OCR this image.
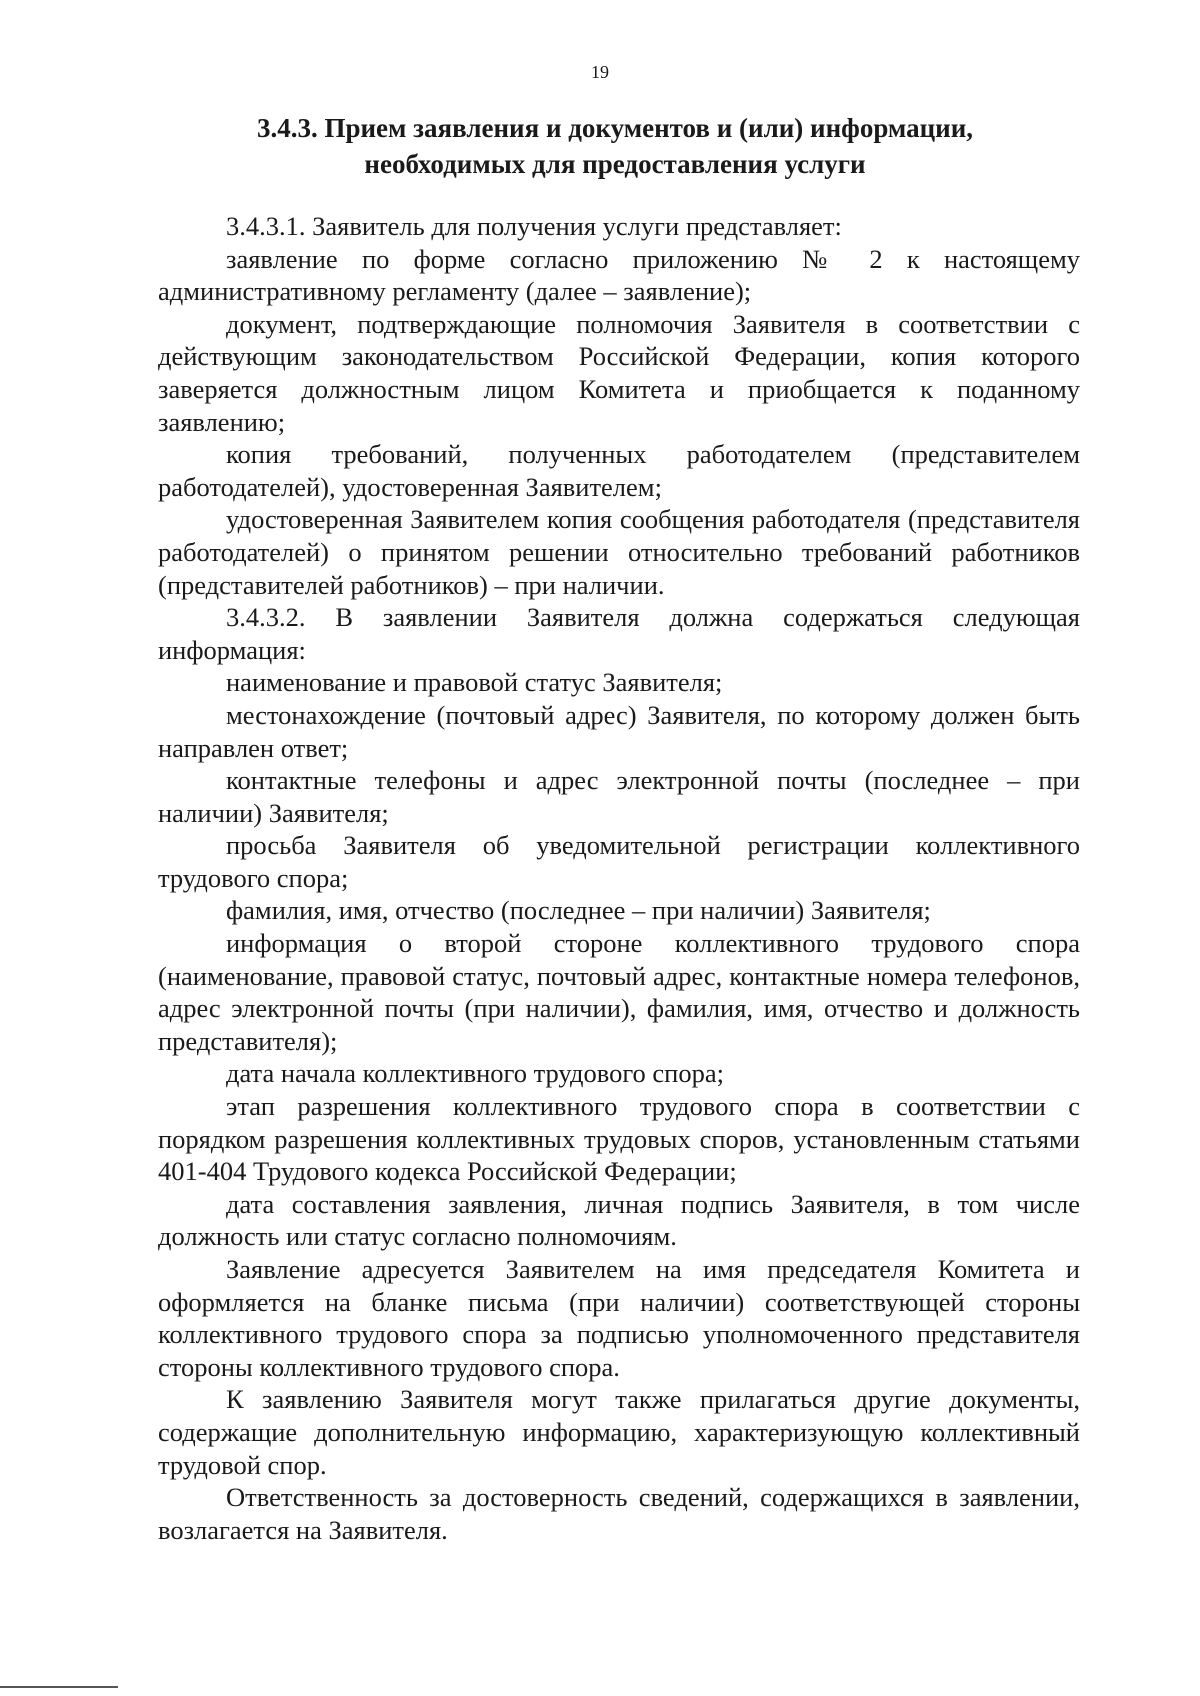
19
3.4.3. Прием заявления и документов и (или) информации,
необходимых для предоставления услуги

3.4.3.1. Заявитель для получения услуги представляет:

заявление по форме согласно приложению № 2 к настоящему административному регламенту (далее – заявление);

документ, подтверждающие полномочия Заявителя в соответствии с действующим законодательством Российской Федерации, копия которого заверяется должностным лицом Комитета и приобщается к поданному заявлению;

копия требований, полученных работодателем (представителем работодателей), удостоверенная Заявителем;

удостоверенная Заявителем копия сообщения работодателя (представителя работодателей) о принятом решении относительно требований работников (представителей работников) – при наличии.

3.4.3.2. В заявлении Заявителя должна содержаться следующая информация:

наименование и правовой статус Заявителя;

местонахождение (почтовый адрес) Заявителя, по которому должен быть направлен ответ;

контактные телефоны и адрес электронной почты (последнее – при наличии) Заявителя;

просьба Заявителя об уведомительной регистрации коллективного трудового спора;

фамилия, имя, отчество (последнее – при наличии) Заявителя;

информация о второй стороне коллективного трудового спора (наименование, правовой статус, почтовый адрес, контактные номера телефонов, адрес электронной почты (при наличии), фамилия, имя, отчество и должность представителя);

дата начала коллективного трудового спора;

этап разрешения коллективного трудового спора в соответствии с порядком разрешения коллективных трудовых споров, установленным статьями 401-404 Трудового кодекса Российской Федерации;

дата составления заявления, личная подпись Заявителя, в том числе должность или статус согласно полномочиям.

Заявление адресуется Заявителем на имя председателя Комитета и оформляется на бланке письма (при наличии) соответствующей стороны коллективного трудового спора за подписью уполномоченного представителя стороны коллективного трудового спора.

К заявлению Заявителя могут также прилагаться другие документы, содержащие дополнительную информацию, характеризующую коллективный трудовой спор.

Ответственность за достоверность сведений, содержащихся в заявлении, возлагается на Заявителя.
